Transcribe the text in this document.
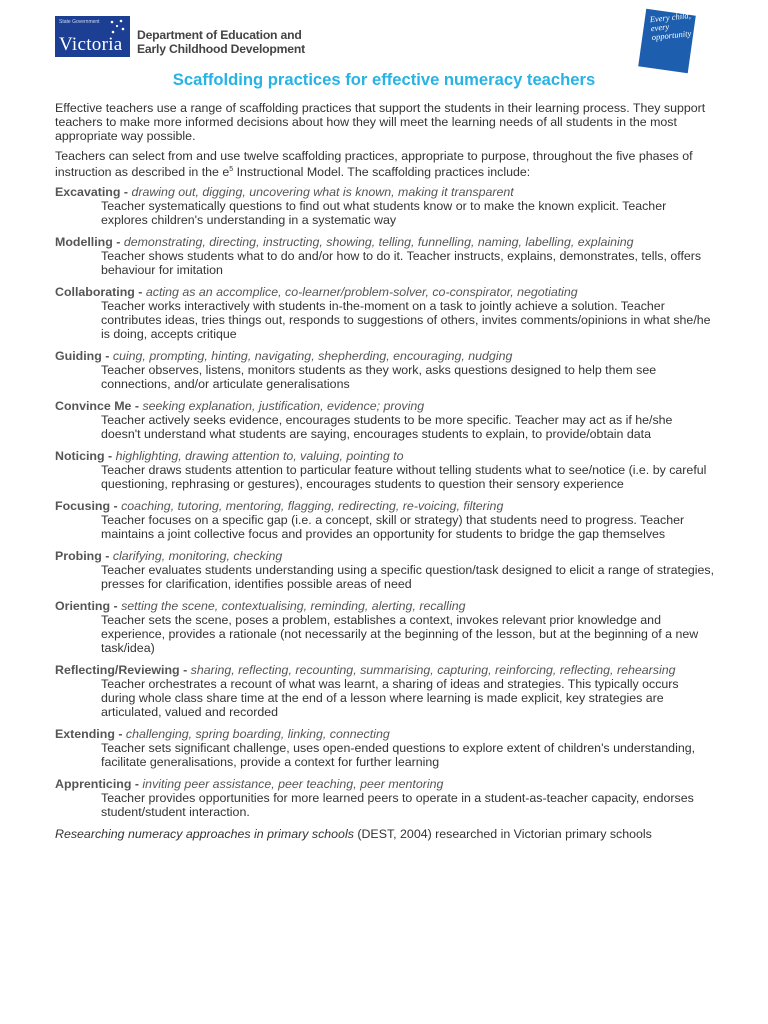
State Government
Victoria Department of Education and
Early Childhood Development
Every child, every opportunity
Scaffolding practices for effective numeracy teachers

Effective teachers use a range of scaffolding practices that support the students in their learning process. They support teachers to make more informed decisions about how they will meet the learning needs of all students in the most appropriate way possible.

Teachers can select from and use twelve scaffolding practices, appropriate to purpose, throughout the five phases of instruction as described in the $e^5$ Instructional Model. The scaffolding practices include:

Excavating - drawing out, digging, uncovering what is known, making it transparent
Teacher systematically questions to find out what students know or to make the known explicit. Teacher explores children's understanding in a systematic way
Modelling - demonstrating, directing, instructing, showing, telling, funnelling, naming, labelling, explaining
Teacher shows students what to do and/or how to do it. Teacher instructs, explains, demonstrates, tells, offers behaviour for imitation
Collaborating - acting as an accomplice, co-learner/problem-solver, co-conspirator, negotiating
Teacher works interactively with students in-the-moment on a task to jointly achieve a solution. Teacher contributes ideas, tries things out, responds to suggestions of others, invites comments/opinions in what she/he is doing, accepts critique
Guiding - cuing, prompting, hinting, navigating, shepherding, encouraging, nudging
Teacher observes, listens, monitors students as they work, asks questions designed to help them see connections, and/or articulate generalisations
Convince Me - seeking explanation, justification, evidence; proving
Teacher actively seeks evidence, encourages students to be more specific. Teacher may act as if he/she doesn't understand what students are saying, encourages students to explain, to provide/obtain data
Noticing - highlighting, drawing attention to, valuing, pointing to
Teacher draws students attention to particular feature without telling students what to see/notice (i.e. by careful questioning, rephrasing or gestures), encourages students to question their sensory experience
Focusing - coaching, tutoring, mentoring, flagging, redirecting, re-voicing, filtering
Teacher focuses on a specific gap (i.e. a concept, skill or strategy) that students need to progress. Teacher maintains a joint collective focus and provides an opportunity for students to bridge the gap themselves
Probing - clarifying, monitoring, checking
Teacher evaluates students understanding using a specific question/task designed to elicit a range of strategies, presses for clarification, identifies possible areas of need
Orienting - setting the scene, contextualising, reminding, alerting, recalling
Teacher sets the scene, poses a problem, establishes a context, invokes relevant prior knowledge and experience, provides a rationale (not necessarily at the beginning of the lesson, but at the beginning of a new task/idea)
Reflecting/Reviewing - sharing, reflecting, recounting, summarising, capturing, reinforcing, reflecting, rehearsing
Teacher orchestrates a recount of what was learnt, a sharing of ideas and strategies. This typically occurs during whole class share time at the end of a lesson where learning is made explicit, key strategies are articulated, valued and recorded
Extending - challenging, spring boarding, linking, connecting
Teacher sets significant challenge, uses open-ended questions to explore extent of children's understanding, facilitate generalisations, provide a context for further learning
Apprenticing - inviting peer assistance, peer teaching, peer mentoring
Teacher provides opportunities for more learned peers to operate in a student-as-teacher capacity, endorses student/student interaction.
Researching numeracy approaches in primary schools (DEST, 2004) researched in Victorian primary schools
